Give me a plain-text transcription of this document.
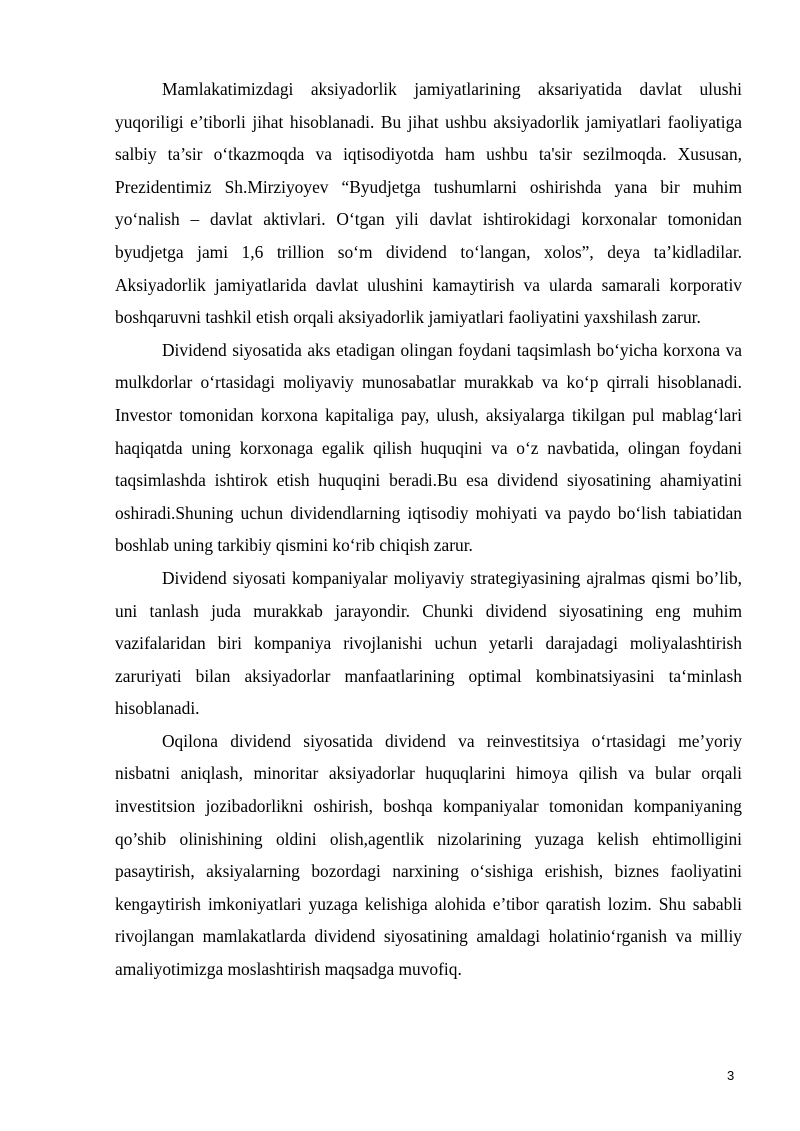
Mamlakatimizdagi aksiyadorlik jamiyatlarining aksariyatida davlat ulushi yuqoriligi e’tiborli jihat hisoblanadi. Bu jihat ushbu aksiyadorlik jamiyatlari faoliyatiga salbiy ta’sir o‘tkazmoqda va iqtisodiyotda ham ushbu ta'sir sezilmoqda. Xususan, Prezidentimiz Sh.Mirziyoyev “Byudjetga tushumlarni oshirishda yana bir muhim yo‘nalish – davlat aktivlari. O‘tgan yili davlat ishtirokidagi korxonalar tomonidan byudjetga jami 1,6 trillion so‘m dividend to‘langan, xolos”, deya ta’kidladilar. Aksiyadorlik jamiyatlarida davlat ulushini kamaytirish va ularda samarali korporativ boshqaruvni tashkil etish orqali aksiyadorlik jamiyatlari faoliyatini yaxshilash zarur.

Dividend siyosatida aks etadigan olingan foydani taqsimlash bo‘yicha korxona va mulkdorlar o‘rtasidagi moliyaviy munosabatlar murakkab va ko‘p qirrali hisoblanadi. Investor tomonidan korxona kapitaliga pay, ulush, aksiyalarga tikilgan pul mablag‘lari haqiqatda uning korxonaga egalik qilish huquqini va o‘z navbatida, olingan foydani taqsimlashda ishtirok etish huquqini beradi.Bu esa dividend siyosatining ahamiyatini oshiradi.Shuning uchun dividendlarning iqtisodiy mohiyati va paydo bo‘lish tabiatidan boshlab uning tarkibiy qismini ko‘rib chiqish zarur.

Dividend siyosati kompaniyalar moliyaviy strategiyasining ajralmas qismi bo’lib, uni tanlash juda murakkab jarayondir. Chunki dividend siyosatining eng muhim vazifalaridan biri kompaniya rivojlanishi uchun yetarli darajadagi moliyalashtirish zaruriyati bilan aksiyadorlar manfaatlarining optimal kombinatsiyasini ta‘minlash hisoblanadi.

Oqilona dividend siyosatida dividend va reinvestitsiya o‘rtasidagi me’yoriy nisbatni aniqlash, minoritar aksiyadorlar huquqlarini himoya qilish va bular orqali investitsion jozibadorlikni oshirish, boshqa kompaniyalar tomonidan kompaniyaning qo’shib olinishining oldini olish,agentlik nizolarining yuzaga kelish ehtimolligini pasaytirish, aksiyalarning bozordagi narxining o‘sishiga erishish, biznes faoliyatini kengaytirish imkoniyatlari yuzaga kelishiga alohida e’tibor qaratish lozim. Shu sababli rivojlangan mamlakatlarda dividend siyosatining amaldagi holatinio‘rganish va milliy amaliyotimizga moslashtirish maqsadga muvofiq.

3
